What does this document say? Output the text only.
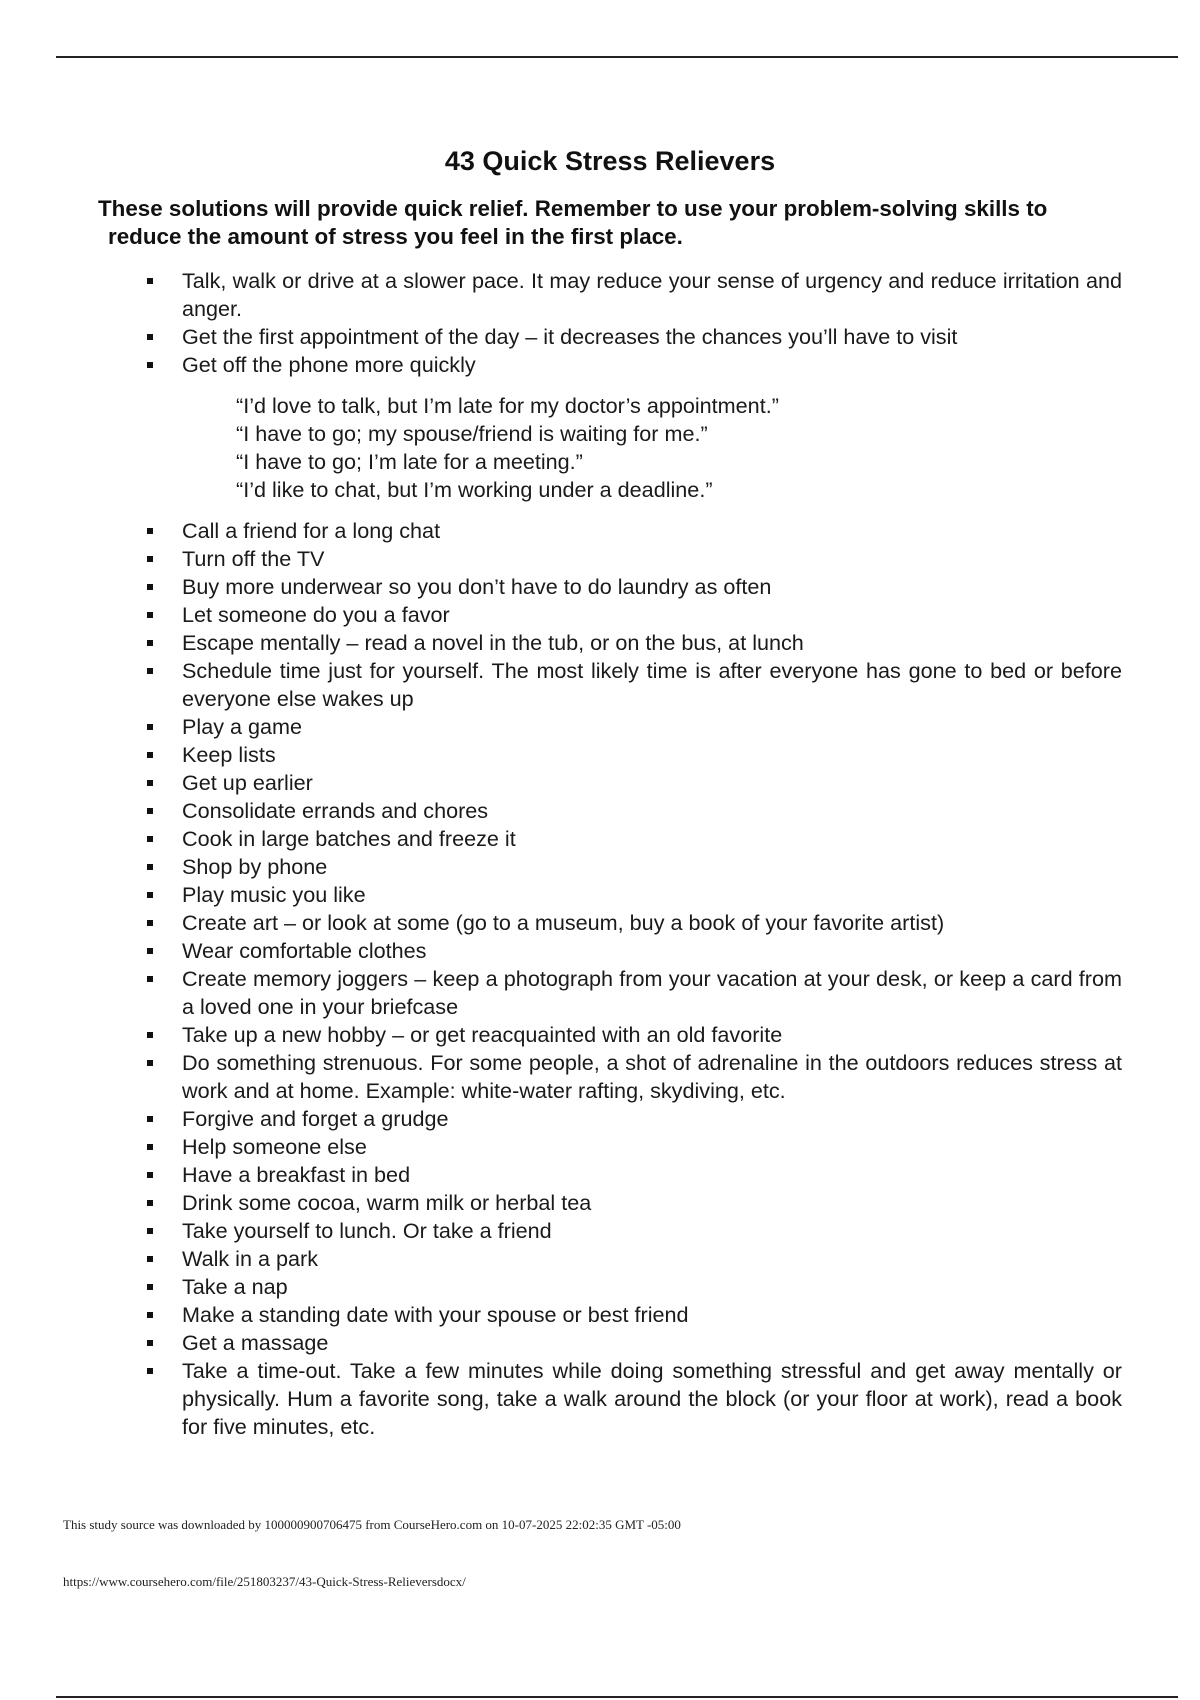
43 Quick Stress Relievers

These solutions will provide quick relief. Remember to use your problem-solving skills to
reduce the amount of stress you feel in the first place.

Talk, walk or drive at a slower pace. It may reduce your sense of urgency and reduce irritation and anger.
Get the first appointment of the day – it decreases the chances you’ll have to visit
Get off the phone more quickly
“I’d love to talk, but I’m late for my doctor’s appointment.”
“I have to go; my spouse/friend is waiting for me.”
“I have to go; I’m late for a meeting.”
“I’d like to chat, but I’m working under a deadline.”
Call a friend for a long chat
Turn off the TV
Buy more underwear so you don’t have to do laundry as often
Let someone do you a favor
Escape mentally – read a novel in the tub, or on the bus, at lunch
Schedule time just for yourself. The most likely time is after everyone has gone to bed or before everyone else wakes up
Play a game
Keep lists
Get up earlier
Consolidate errands and chores
Cook in large batches and freeze it
Shop by phone
Play music you like
Create art – or look at some (go to a museum, buy a book of your favorite artist)
Wear comfortable clothes
Create memory joggers – keep a photograph from your vacation at your desk, or keep a card from a loved one in your briefcase
Take up a new hobby – or get reacquainted with an old favorite
Do something strenuous. For some people, a shot of adrenaline in the outdoors reduces stress at work and at home. Example: white-water rafting, skydiving, etc.
Forgive and forget a grudge
Help someone else
Have a breakfast in bed
Drink some cocoa, warm milk or herbal tea
Take yourself to lunch. Or take a friend
Walk in a park
Take a nap
Make a standing date with your spouse or best friend
Get a massage
Take a time-out. Take a few minutes while doing something stressful and get away mentally or physically. Hum a favorite song, take a walk around the block (or your floor at work), read a book for five minutes, etc.

This study source was downloaded by 100000900706475 from CourseHero.com on 10-07-2025 22:02:35 GMT -05:00

https://www.coursehero.com/file/251803237/43-Quick-Stress-Relieversdocx/
